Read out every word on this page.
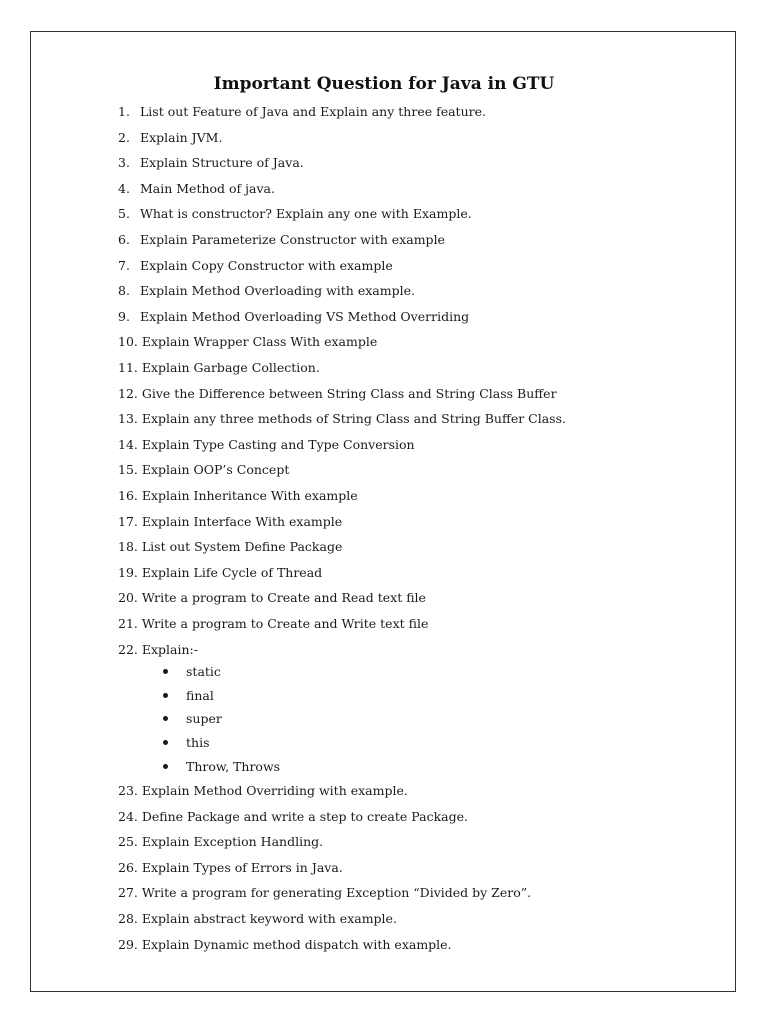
Important Question for Java in GTU
1. List out Feature of Java and Explain any three feature.
2. Explain JVM.
3. Explain Structure of Java.
4. Main Method of java.
5. What is constructor? Explain any one with Example.
6. Explain Parameterize Constructor with example
7. Explain Copy Constructor with example
8. Explain Method Overloading with example.
9. Explain Method Overloading VS Method Overriding
10. Explain Wrapper Class With example
11. Explain Garbage Collection.
12. Give the Difference between String Class and String Class Buffer
13. Explain any three methods of String Class and String Buffer Class.
14. Explain Type Casting and Type Conversion
15. Explain OOP’s Concept
16. Explain Inheritance With example
17. Explain Interface With example
18. List out System Define Package
19. Explain Life Cycle of Thread
20. Write a program to Create and Read text file
21. Write a program to Create and Write text file
22. Explain:-
static
final
super
this
Throw, Throws
23. Explain Method Overriding with example.
24. Define Package and write a step to create Package.
25. Explain Exception Handling.
26. Explain Types of Errors in Java.
27. Write a program for generating Exception “Divided by Zero”.
28. Explain abstract keyword with example.
29. Explain Dynamic method dispatch with example.
